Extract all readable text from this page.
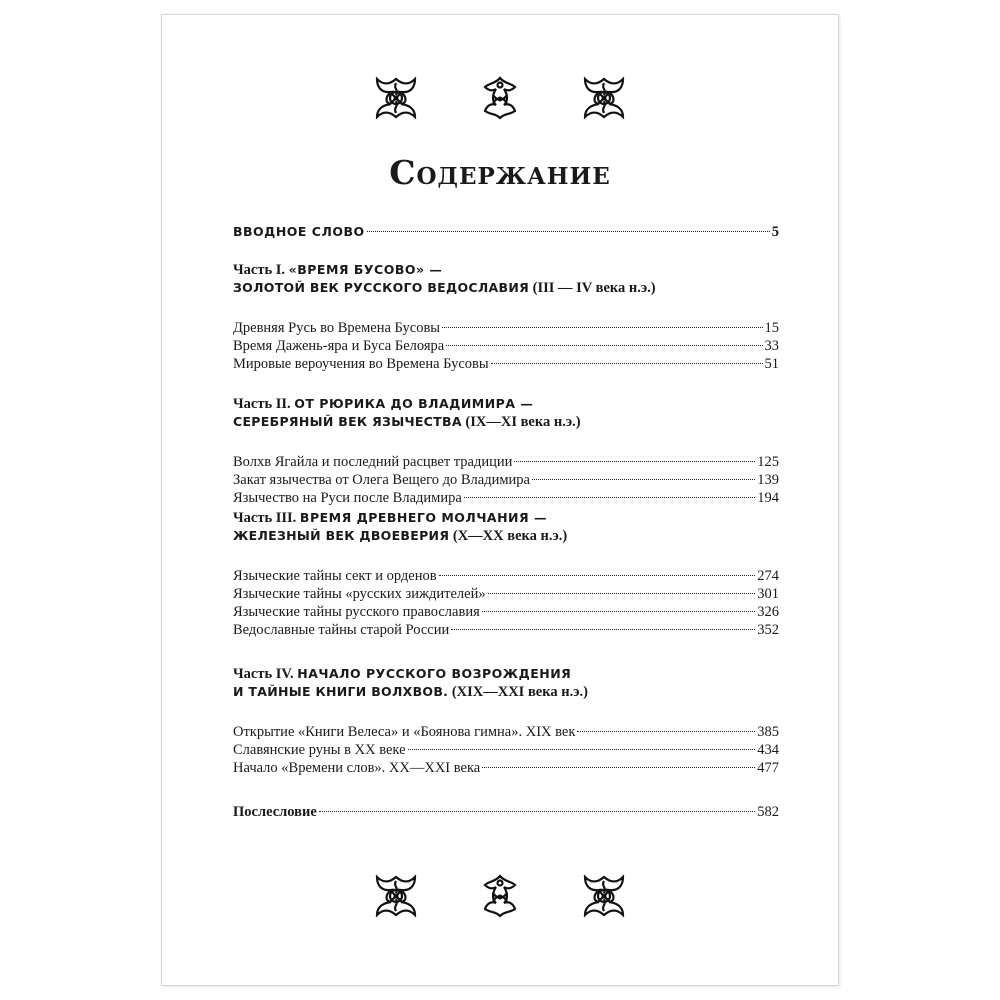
Содержание
ВВОДНОЕ СЛОВО	5
Часть I. «ВРЕМЯ БУСОВО» —
ЗОЛОТОЙ ВЕК РУССКОГО ВЕДОСЛАВИЯ (III — IV века н.э.)
Древняя Русь во Времена Бусовы	15
Время Дажень-яра и Буса Белояра	33
Мировые вероучения во Времена Бусовы	51
Часть II. ОТ РЮРИКА ДО ВЛАДИМИРА —
СЕРЕБРЯНЫЙ ВЕК ЯЗЫЧЕСТВА (IX—XI века н.э.)
Волхв Ягайла и последний расцвет традиции	125
Закат язычества от Олега Вещего до Владимира	139
Язычество на Руси после Владимира	194
Часть III. ВРЕМЯ ДРЕВНЕГО МОЛЧАНИЯ —
ЖЕЛЕЗНЫЙ ВЕК ДВОЕВЕРИЯ (X—XX века н.э.)
Языческие тайны сект и орденов	274
Языческие тайны «русских зиждителей»	301
Языческие тайны русского православия	326
Ведославные тайны старой России	352
Часть IV. НАЧАЛО РУССКОГО ВОЗРОЖДЕНИЯ
И ТАЙНЫЕ КНИГИ ВОЛХВОВ. (XIX—XXI века н.э.)
Открытие «Книги Велеса» и «Боянова гимна». XIX век	385
Славянские руны в XX веке	434
Начало «Времени слов». XX—XXI века	477
Послесловие	582
